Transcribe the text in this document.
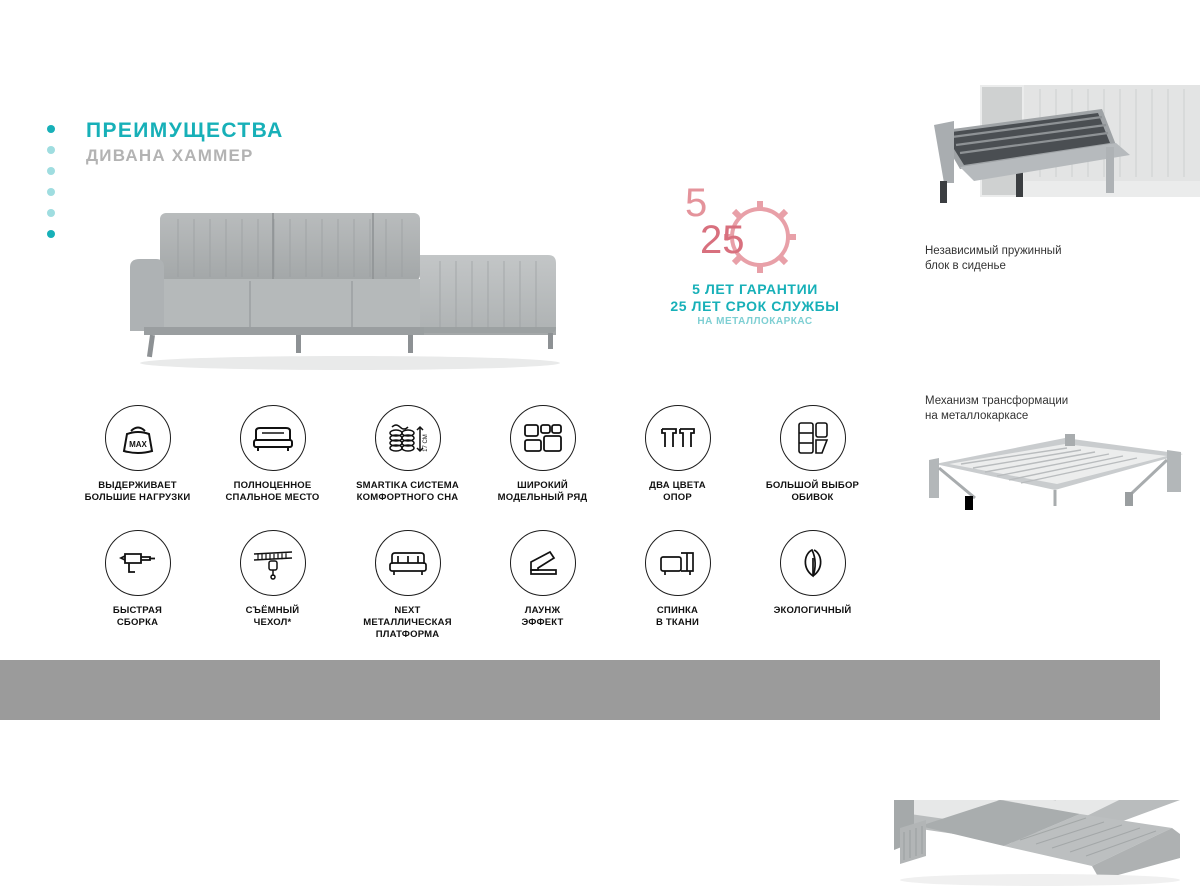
ПРЕИМУЩЕСТВА
ДИВАНА ХАММЕР
5
25
5 ЛЕТ ГАРАНТИИ
25 ЛЕТ СРОК СЛУЖБЫ
НА МЕТАЛЛОКАРКАС
Независимый пружинный
блок в сиденье
Механизм трансформации
на металлокаркасе
MAX
ВЫДЕРЖИВАЕТ
БОЛЬШИЕ НАГРУЗКИ
ПОЛНОЦЕННОЕ
СПАЛЬНОЕ МЕСТО
17 СМ
SMARTIKA СИСТЕМА
КОМФОРТНОГО СНА
ШИРОКИЙ
МОДЕЛЬНЫЙ РЯД
ДВА ЦВЕТА
ОПОР
БОЛЬШОЙ ВЫБОР
ОБИВОК
БЫСТРАЯ
СБОРКА
СЪЁМНЫЙ
ЧЕХОЛ*
NEXT
МЕТАЛЛИЧЕСКАЯ
ПЛАТФОРМА
ЛАУНЖ
ЭФФЕКТ
СПИНКА
В ТКАНИ
ЭКОЛОГИЧНЫЙ
